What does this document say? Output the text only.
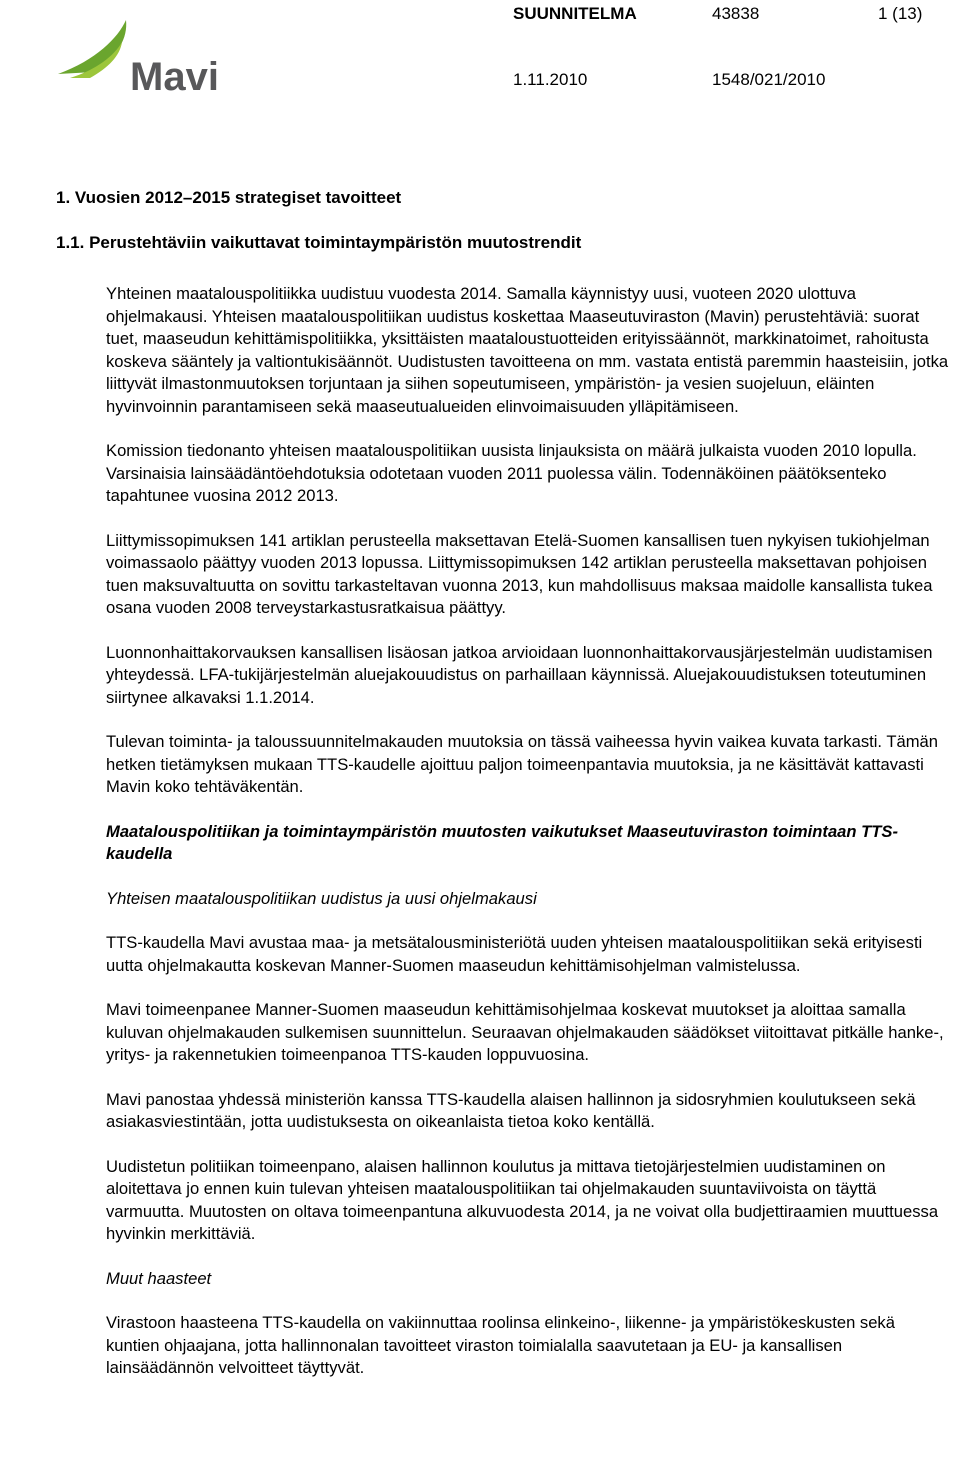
Mavi
SUUNNITELMA	43838	1 (13)
1.11.2010	1548/021/2010
1. Vuosien 2012–2015 strategiset tavoitteet
1.1. Perustehtäviin vaikuttavat toimintaympäristön muutostrendit

Yhteinen maatalouspolitiikka uudistuu vuodesta 2014. Samalla käynnistyy uusi, vuoteen 2020 ulottuva ohjelmakausi. Yhteisen maatalouspolitiikan uudistus koskettaa Maaseutuviraston (Mavin) perustehtäviä: suorat tuet, maaseudun kehittämispolitiikka, yksittäisten maataloustuotteiden erityissäännöt, markkinatoimet, rahoitusta koskeva sääntely ja valtiontukisäännöt. Uudistusten tavoitteena on mm. vastata entistä paremmin haasteisiin, jotka liittyvät ilmastonmuutoksen torjuntaan ja siihen sopeutumiseen, ympäristön- ja vesien suojeluun, eläinten hyvinvoinnin parantamiseen sekä maaseutualueiden elinvoimaisuuden ylläpitämiseen.

Komission tiedonanto yhteisen maatalouspolitiikan uusista linjauksista on määrä julkaista vuoden 2010 lopulla. Varsinaisia lainsäädäntöehdotuksia odotetaan vuoden 2011 puolessa välin. Todennäköinen päätöksenteko tapahtunee vuosina 2012 2013.

Liittymissopimuksen 141 artiklan perusteella maksettavan Etelä-Suomen kansallisen tuen nykyisen tukiohjelman voimassaolo päättyy vuoden 2013 lopussa. Liittymissopimuksen 142 artiklan perusteella maksettavan pohjoisen tuen maksuvaltuutta on sovittu tarkasteltavan vuonna 2013, kun mahdollisuus maksaa maidolle kansallista tukea osana vuoden 2008 terveystarkastusratkaisua päättyy.

Luonnonhaittakorvauksen kansallisen lisäosan jatkoa arvioidaan luonnonhaittakorvausjärjestelmän uudistamisen yhteydessä. LFA-tukijärjestelmän aluejakouudistus on parhaillaan käynnissä. Aluejakouudistuksen toteutuminen siirtynee alkavaksi 1.1.2014.

Tulevan toiminta- ja taloussuunnitelmakauden muutoksia on tässä vaiheessa hyvin vaikea kuvata tarkasti. Tämän hetken tietämyksen mukaan TTS-kaudelle ajoittuu paljon toimeenpantavia muutoksia, ja ne käsittävät kattavasti Mavin koko tehtäväkentän.

Maatalouspolitiikan ja toimintaympäristön muutosten vaikutukset Maaseutuviraston toimintaan TTS-kaudella

Yhteisen maatalouspolitiikan uudistus ja uusi ohjelmakausi

TTS-kaudella Mavi avustaa maa- ja metsätalousministeriötä uuden yhteisen maatalouspolitiikan sekä erityisesti uutta ohjelmakautta koskevan Manner-Suomen maaseudun kehittämisohjelman valmistelussa.

Mavi toimeenpanee Manner-Suomen maaseudun kehittämisohjelmaa koskevat muutokset ja aloittaa samalla kuluvan ohjelmakauden sulkemisen suunnittelun. Seuraavan ohjelmakauden säädökset viitoittavat pitkälle hanke-, yritys- ja rakennetukien toimeenpanoa TTS-kauden loppuvuosina.

Mavi panostaa yhdessä ministeriön kanssa TTS-kaudella alaisen hallinnon ja sidosryhmien koulutukseen sekä asiakasviestintään, jotta uudistuksesta on oikeanlaista tietoa koko kentällä.

Uudistetun politiikan toimeenpano, alaisen hallinnon koulutus ja mittava tietojärjestelmien uudistaminen on aloitettava jo ennen kuin tulevan yhteisen maatalouspolitiikan tai ohjelmakauden suuntaviivoista on täyttä varmuutta. Muutosten on oltava toimeenpantuna alkuvuodesta 2014, ja ne voivat olla budjettiraamien muuttuessa hyvinkin merkittäviä.

Muut haasteet

Virastoon haasteena TTS-kaudella on vakiinnuttaa roolinsa elinkeino-, liikenne- ja ympäristökeskusten sekä kuntien ohjaajana, jotta hallinnonalan tavoitteet viraston toimialalla saavutetaan ja EU- ja kansallisen lainsäädännön velvoitteet täyttyvät.
